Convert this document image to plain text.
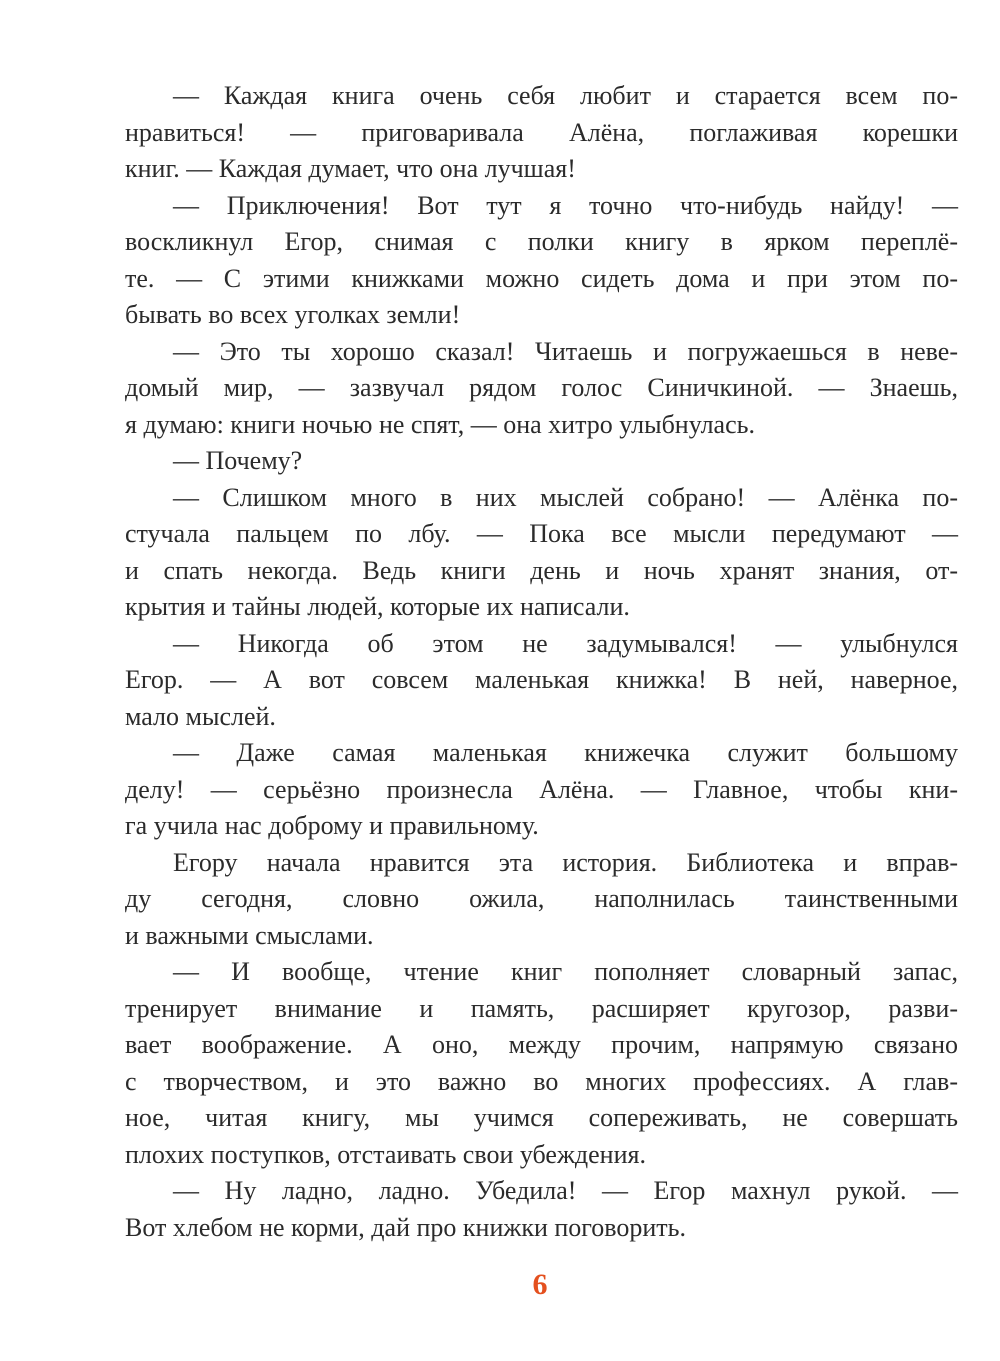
— Каждая книга очень себя любит и старается всем по-
нравиться! — приговаривала Алёна, поглаживая корешки
книг. — Каждая думает, что она лучшая!
— Приключения! Вот тут я точно что-нибудь найду! —
воскликнул Егор, снимая с полки книгу в ярком переплё-
те. — С этими книжками можно сидеть дома и при этом по-
бывать во всех уголках земли!
— Это ты хорошо сказал! Читаешь и погружаешься в неве-
домый мир, — зазвучал рядом голос Синичкиной. — Знаешь,
я думаю: книги ночью не спят, — она хитро улыбнулась.
— Почему?
— Слишком много в них мыслей собрано! — Алёнка по-
стучала пальцем по лбу. — Пока все мысли передумают —
и спать некогда. Ведь книги день и ночь хранят знания, от-
крытия и тайны людей, которые их написали.
— Никогда об этом не задумывался! — улыбнулся
Егор. — А вот совсем маленькая книжка! В ней, наверное,
мало мыслей.
— Даже самая маленькая книжечка служит большому
делу! — серьёзно произнесла Алёна. — Главное, чтобы кни-
га учила нас доброму и правильному.
Егору начала нравится эта история. Библиотека и вправ-
ду сегодня, словно ожила, наполнилась таинственными
и важными смыслами.
— И вообще, чтение книг пополняет словарный запас,
тренирует внимание и память, расширяет кругозор, разви-
вает воображение. А оно, между прочим, напрямую связано
с творчеством, и это важно во многих профессиях. А глав-
ное, читая книгу, мы учимся сопереживать, не совершать
плохих поступков, отстаивать свои убеждения.
— Ну ладно, ладно. Убедила! — Егор махнул рукой. —
Вот хлебом не корми, дай про книжки поговорить.
6
